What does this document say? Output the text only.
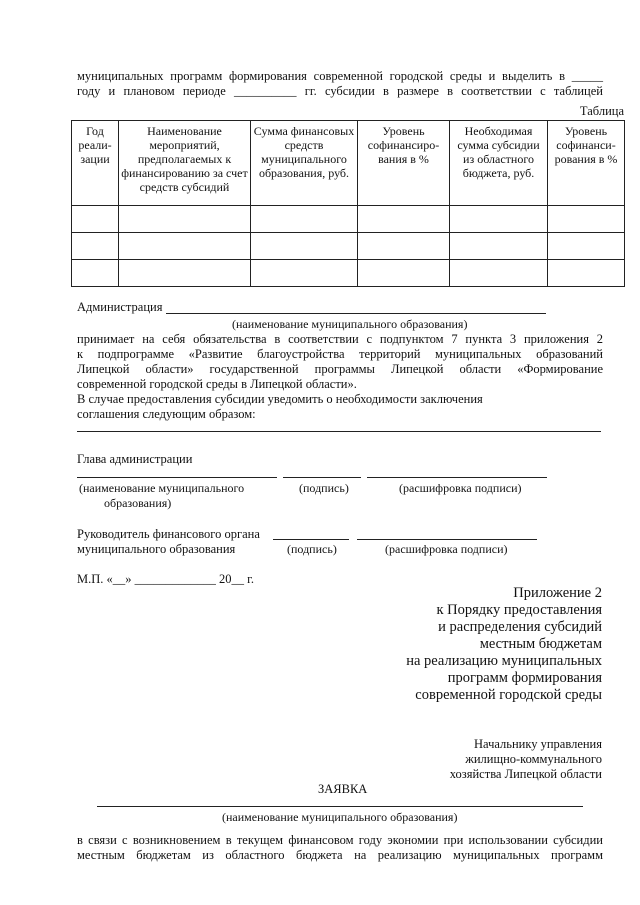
муниципальных программ формирования современной городской среды и выделить в _____
году и плановом периоде __________ гг. субсидии в размере в соответствии с таблицей
Таблица
Год реали-зации	Наименование мероприятий, предполагаемых к финансированию за счет средств субсидий	Сумма финансовых средств муниципального образования, руб.	Уровень софинансиро-вания в %	Необходимая сумма субсидии из областного бюджета, руб.	Уровень софинанси-рования в %

Администрация
(наименование муниципального образования)
принимает на себя обязательства в соответствии с подпунктом 7 пункта 3 приложения 2
к подпрограмме «Развитие благоустройства территорий муниципальных образований
Липецкой области» государственной программы Липецкой области «Формирование
современной городской среды в Липецкой области».
В случае предоставления субсидии уведомить о необходимости заключения
соглашения следующим образом:
Глава администрации
(наименование муниципального
образования)
(подпись)	(расшифровка подписи)
Руководитель финансового органа
муниципального образования	(подпись)	(расшифровка подписи)
М.П. «__» _____________ 20__ г.
Приложение 2
к Порядку предоставления
и распределения субсидий
местным бюджетам
на реализацию муниципальных
программ формирования
современной городской среды
Начальнику управления
жилищно-коммунального
хозяйства Липецкой области
ЗАЯВКА
(наименование муниципального образования)
в связи с возникновением в текущем финансовом году экономии при использовании субсидии
местным бюджетам из областного бюджета на реализацию муниципальных программ
